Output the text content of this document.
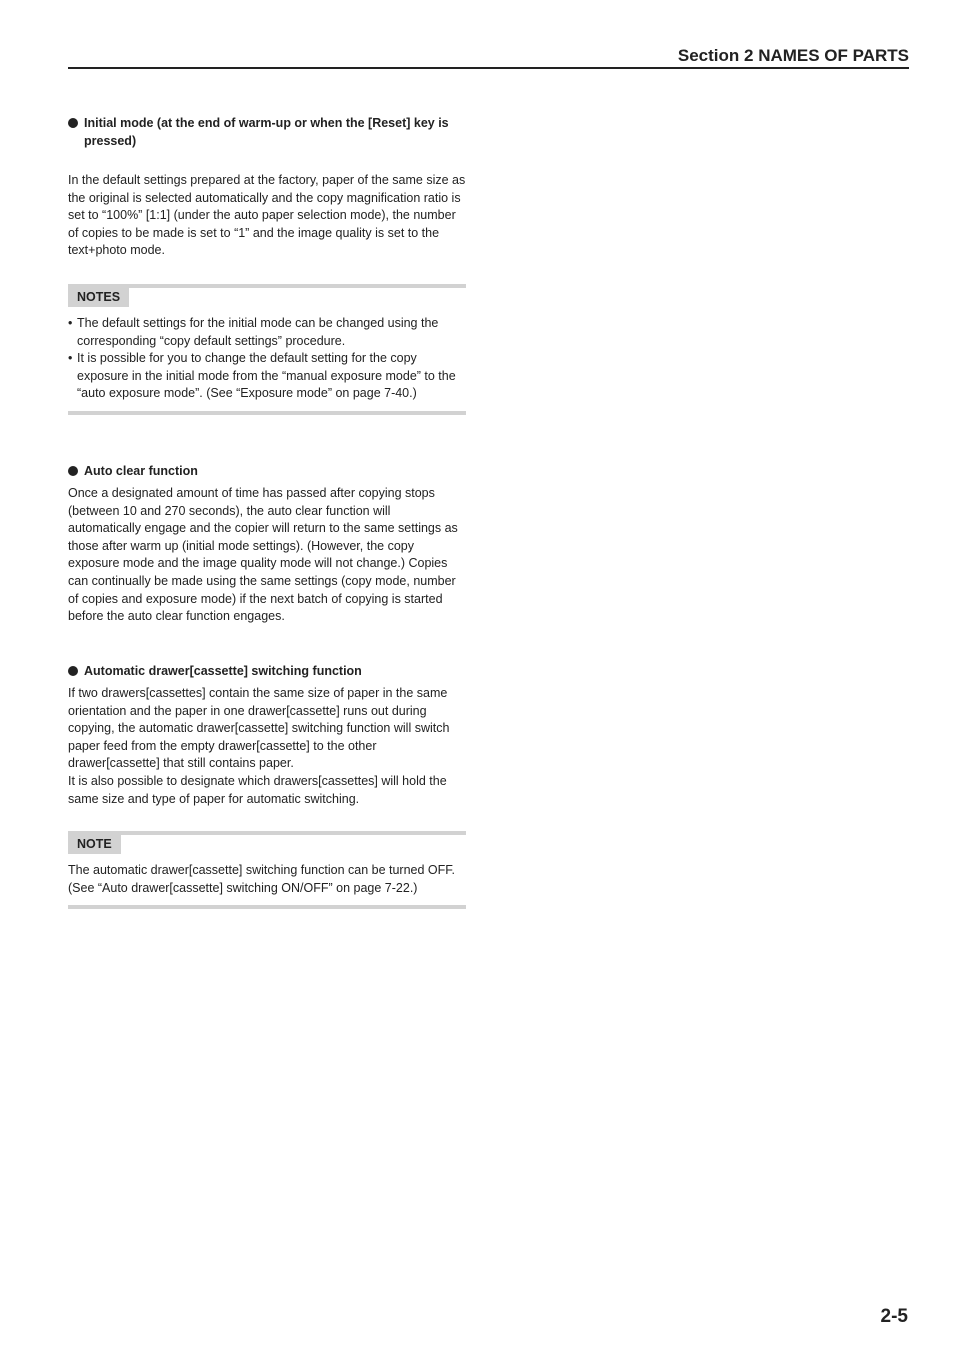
Section 2 NAMES OF PARTS
Initial mode (at the end of warm-up or when the [Reset] key is pressed)

In the default settings prepared at the factory, paper of the same size as the original is selected automatically and the copy magnification ratio is set to “100%” [1:1] (under the auto paper selection mode), the number of copies to be made is set to “1” and the image quality is set to the text+photo mode.

NOTES
• The default settings for the initial mode can be changed using the corresponding “copy default settings” procedure.
• It is possible for you to change the default setting for the copy exposure in the initial mode from the “manual exposure mode” to the “auto exposure mode”. (See “Exposure mode” on page 7-40.)
Auto clear function

Once a designated amount of time has passed after copying stops (between 10 and 270 seconds), the auto clear function will automatically engage and the copier will return to the same settings as those after warm up (initial mode settings). (However, the copy exposure mode and the image quality mode will not change.) Copies can continually be made using the same settings (copy mode, number of copies and exposure mode) if the next batch of copying is started before the auto clear function engages.

Automatic drawer[cassette] switching function

If two drawers[cassettes] contain the same size of paper in the same orientation and the paper in one drawer[cassette] runs out during copying, the automatic drawer[cassette] switching function will switch paper feed from the empty drawer[cassette] to the other drawer[cassette] that still contains paper.

It is also possible to designate which drawers[cassettes] will hold the same size and type of paper for automatic switching.

NOTE

The automatic drawer[cassette] switching function can be turned OFF. (See “Auto drawer[cassette] switching ON/OFF” on page 7-22.)

2-5
